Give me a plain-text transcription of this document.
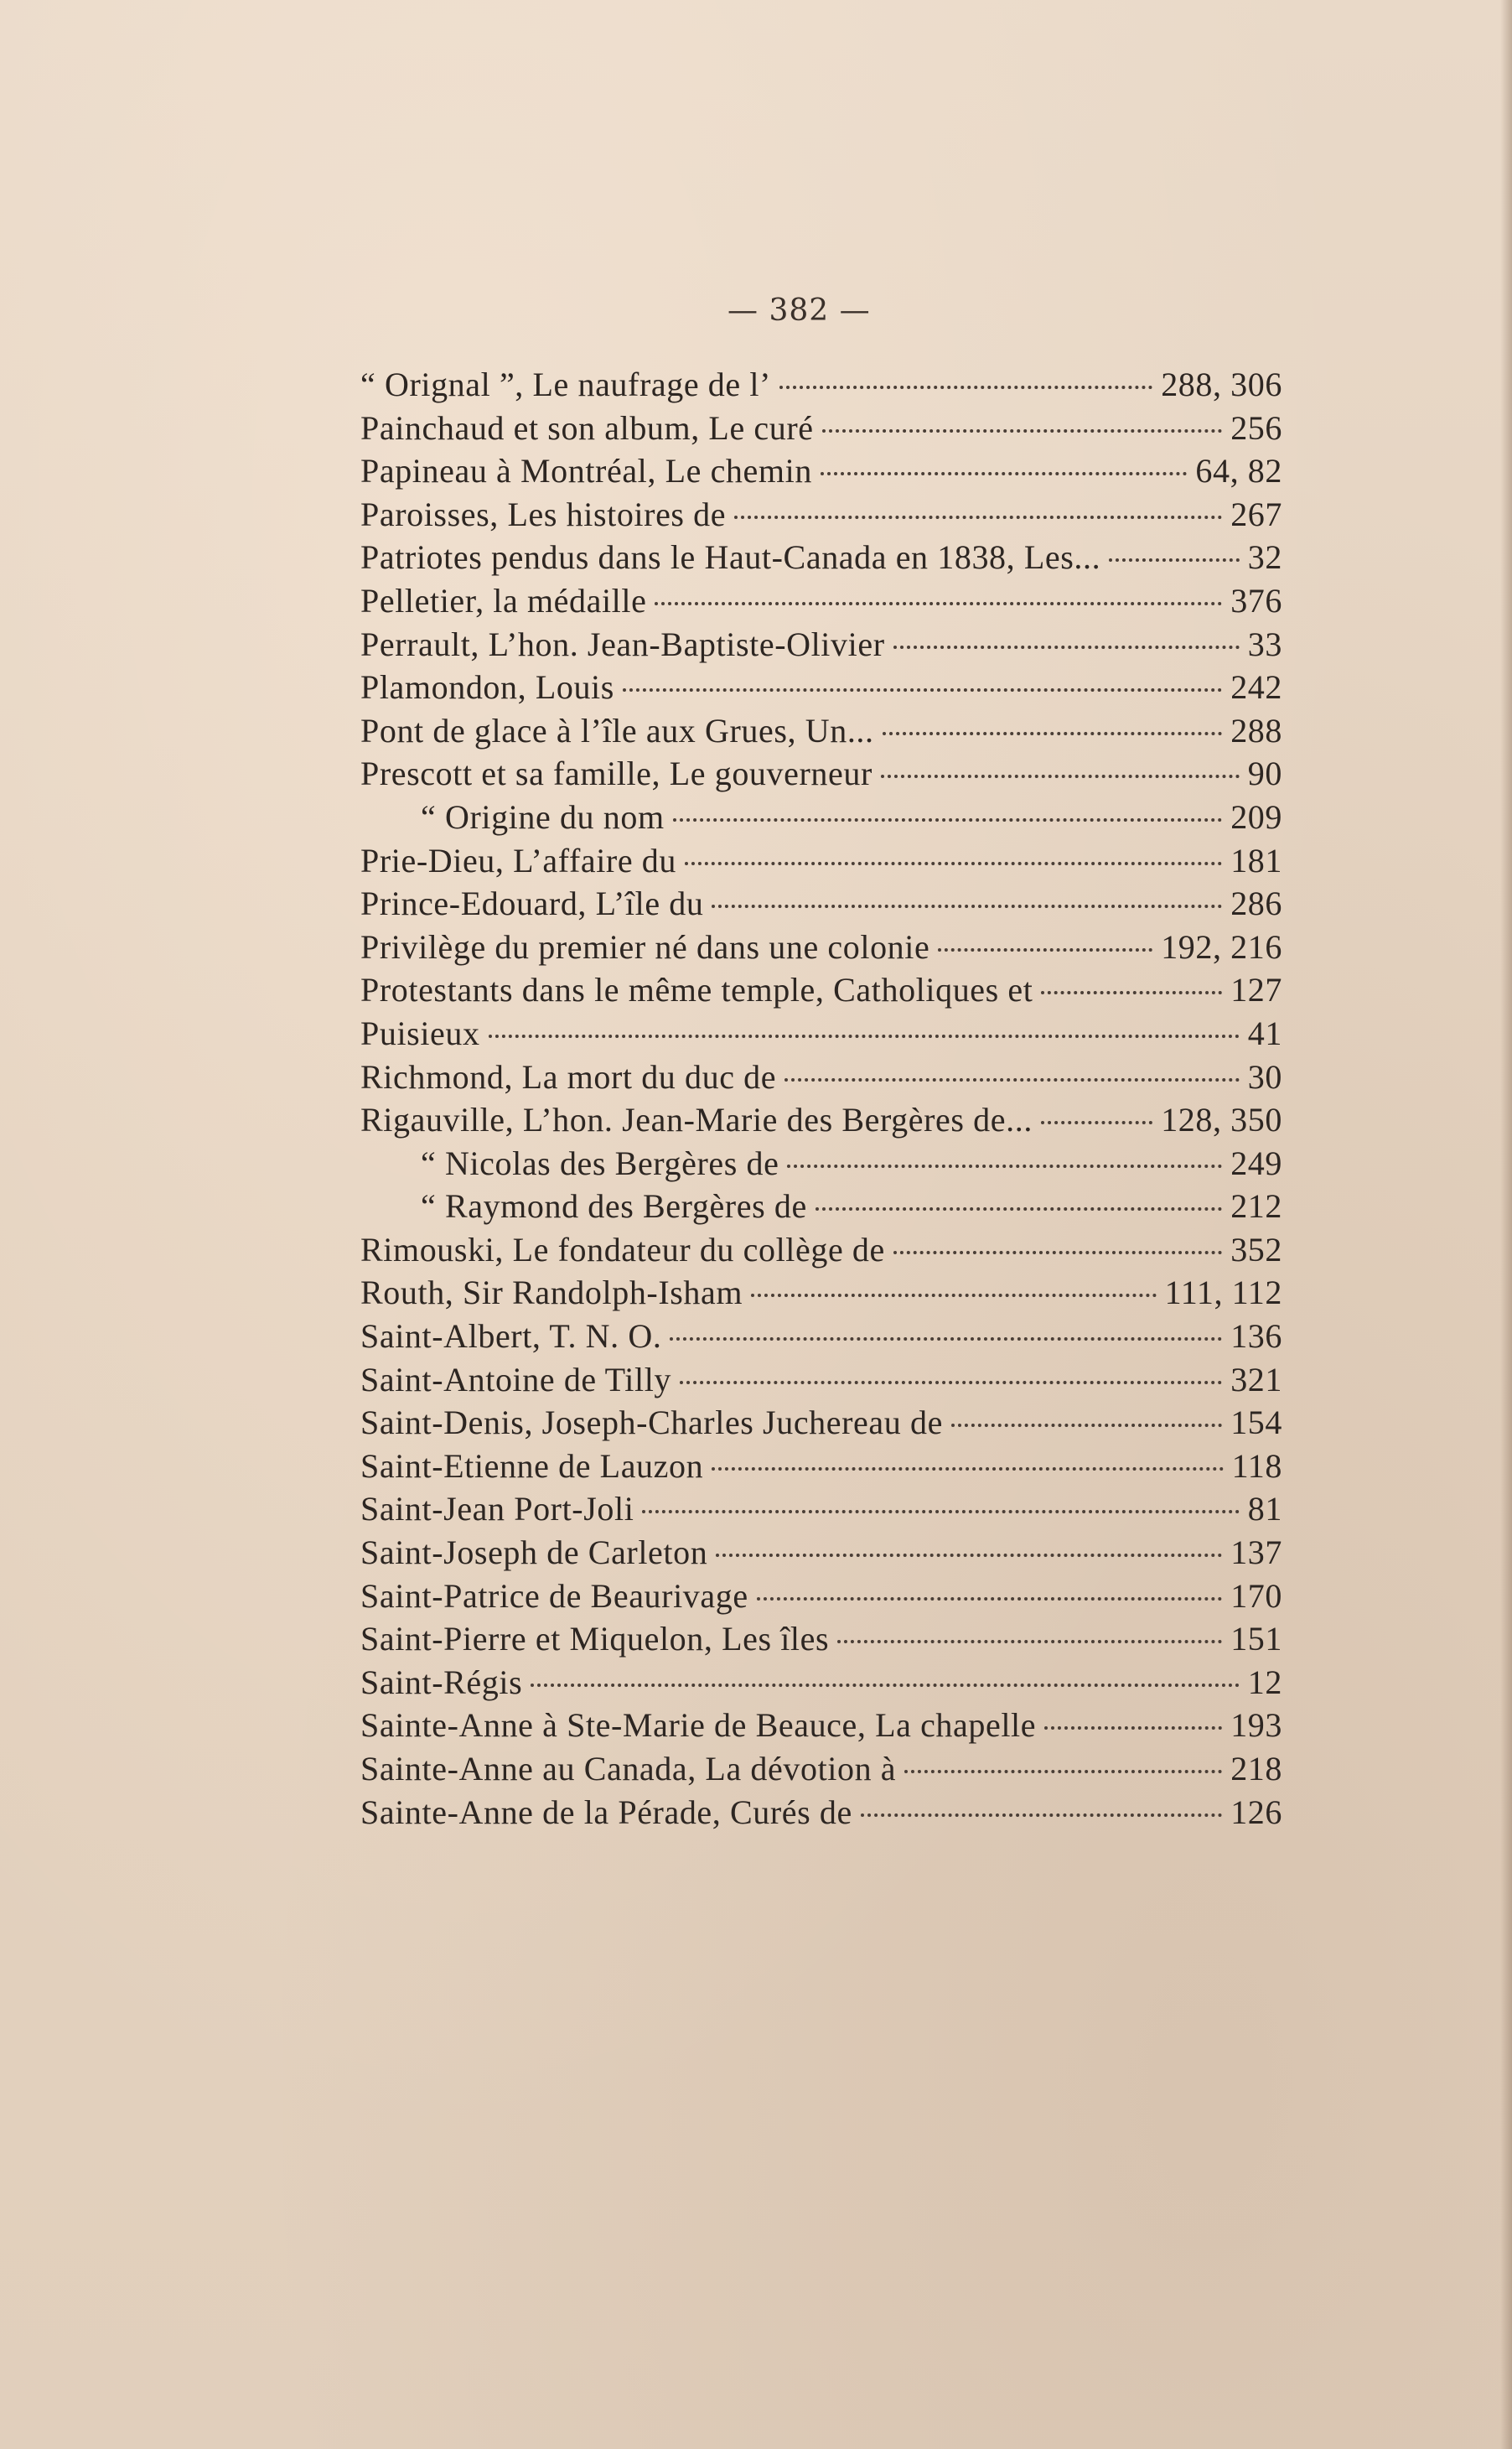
— 382 —
“ Orignal ”, Le naufrage de l’	288, 306
Painchaud et son album, Le curé	256
Papineau à Montréal, Le chemin	64, 82
Paroisses, Les histoires de	267
Patriotes pendus dans le Haut-Canada en 1838, Les...	32
Pelletier, la médaille	376
Perrault, L’hon. Jean-Baptiste-Olivier	33
Plamondon, Louis	242
Pont de glace à l’île aux Grues, Un...	288
Prescott et sa famille, Le gouverneur	90
“ Origine du nom	209
Prie-Dieu, L’affaire du	181
Prince-Edouard, L’île du	286
Privilège du premier né dans une colonie	192, 216
Protestants dans le même temple, Catholiques et	127
Puisieux	41
Richmond, La mort du duc de	30
Rigauville, L’hon. Jean-Marie des Bergères de...	128, 350
“ Nicolas des Bergères de	249
“ Raymond des Bergères de	212
Rimouski, Le fondateur du collège de	352
Routh, Sir Randolph-Isham	111, 112
Saint-Albert, T. N. O.	136
Saint-Antoine de Tilly	321
Saint-Denis, Joseph-Charles Juchereau de	154
Saint-Etienne de Lauzon	118
Saint-Jean Port-Joli	81
Saint-Joseph de Carleton	137
Saint-Patrice de Beaurivage	170
Saint-Pierre et Miquelon, Les îles	151
Saint-Régis	12
Sainte-Anne à Ste-Marie de Beauce, La chapelle	193
Sainte-Anne au Canada, La dévotion à	218
Sainte-Anne de la Pérade, Curés de	126
